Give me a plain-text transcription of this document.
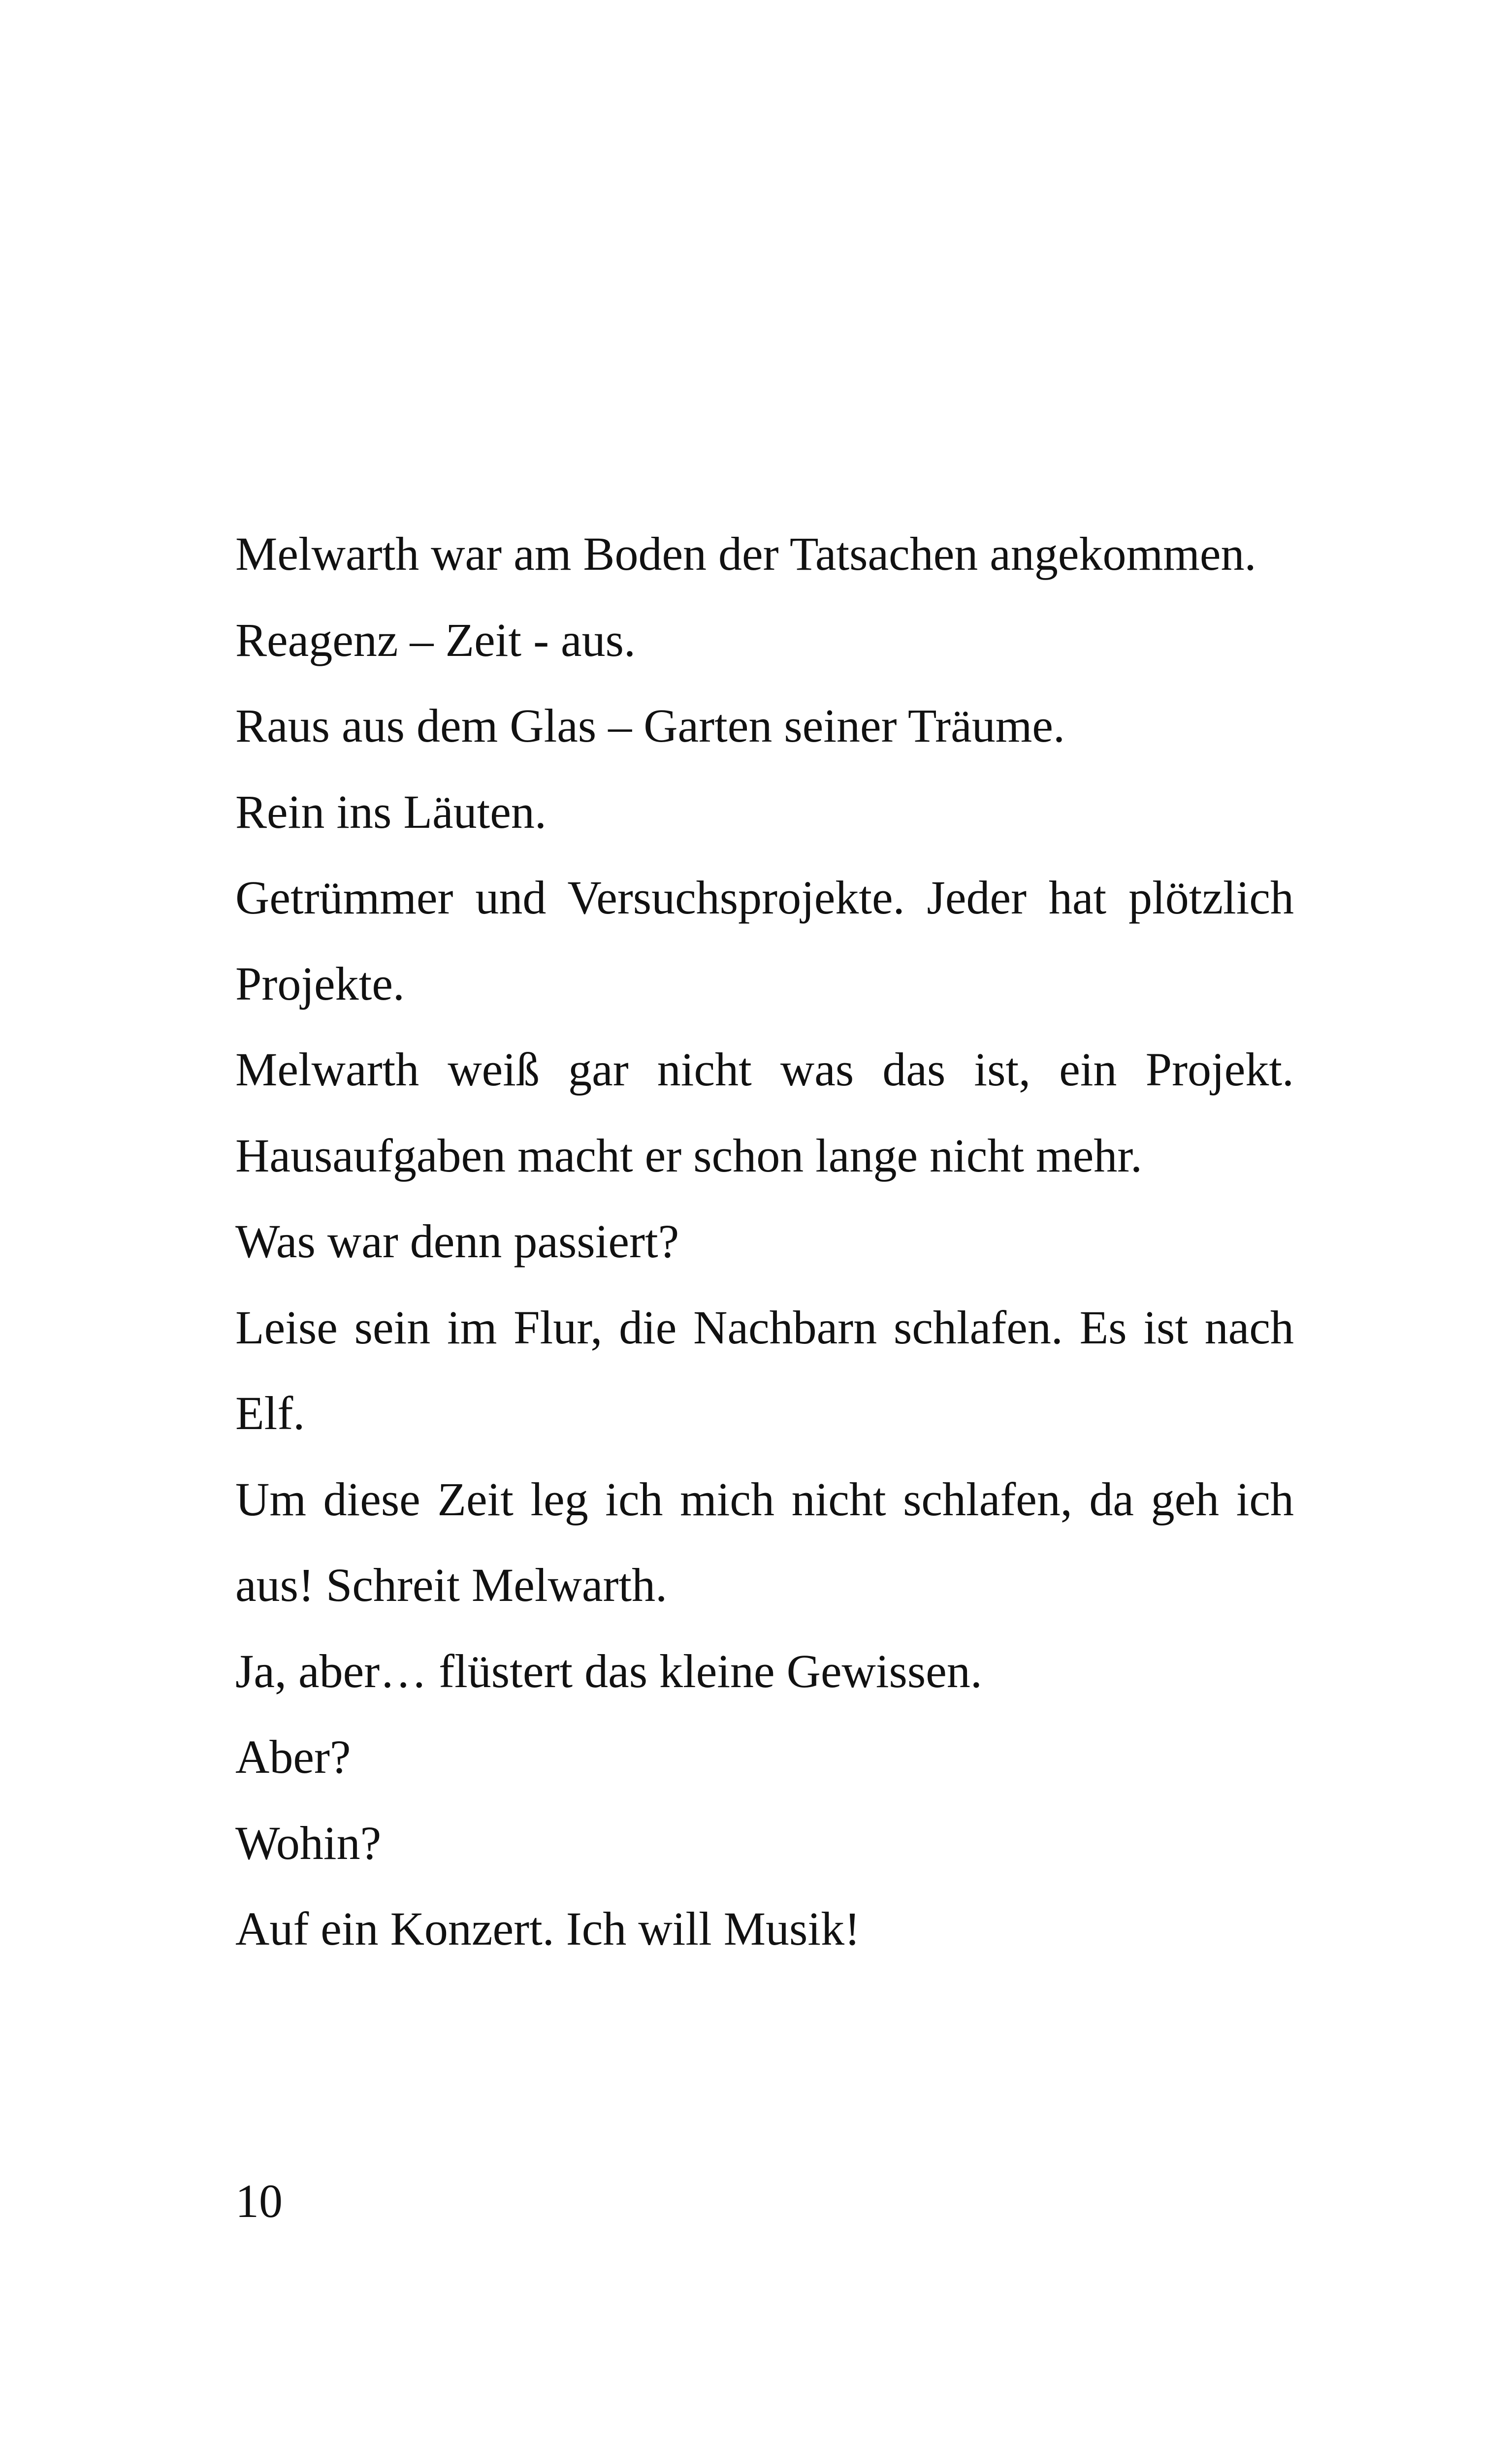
Melwarth war am Boden der Tatsachen angekommen.

Reagenz – Zeit - aus.

Raus aus dem Glas – Garten seiner Träume.

Rein ins Läuten.

Getrümmer und Versuchsprojekte. Jeder hat plötzlich Projekte.

Melwarth weiß gar nicht was das ist, ein Projekt. Hausaufgaben macht er schon lange nicht mehr.

Was war denn passiert?

Leise sein im Flur, die Nachbarn schlafen. Es ist nach Elf.

Um diese Zeit leg ich mich nicht schlafen, da geh ich aus! Schreit Melwarth.

Ja, aber… flüstert das kleine Gewissen.

Aber?

Wohin?

Auf ein Konzert. Ich will Musik!

10
